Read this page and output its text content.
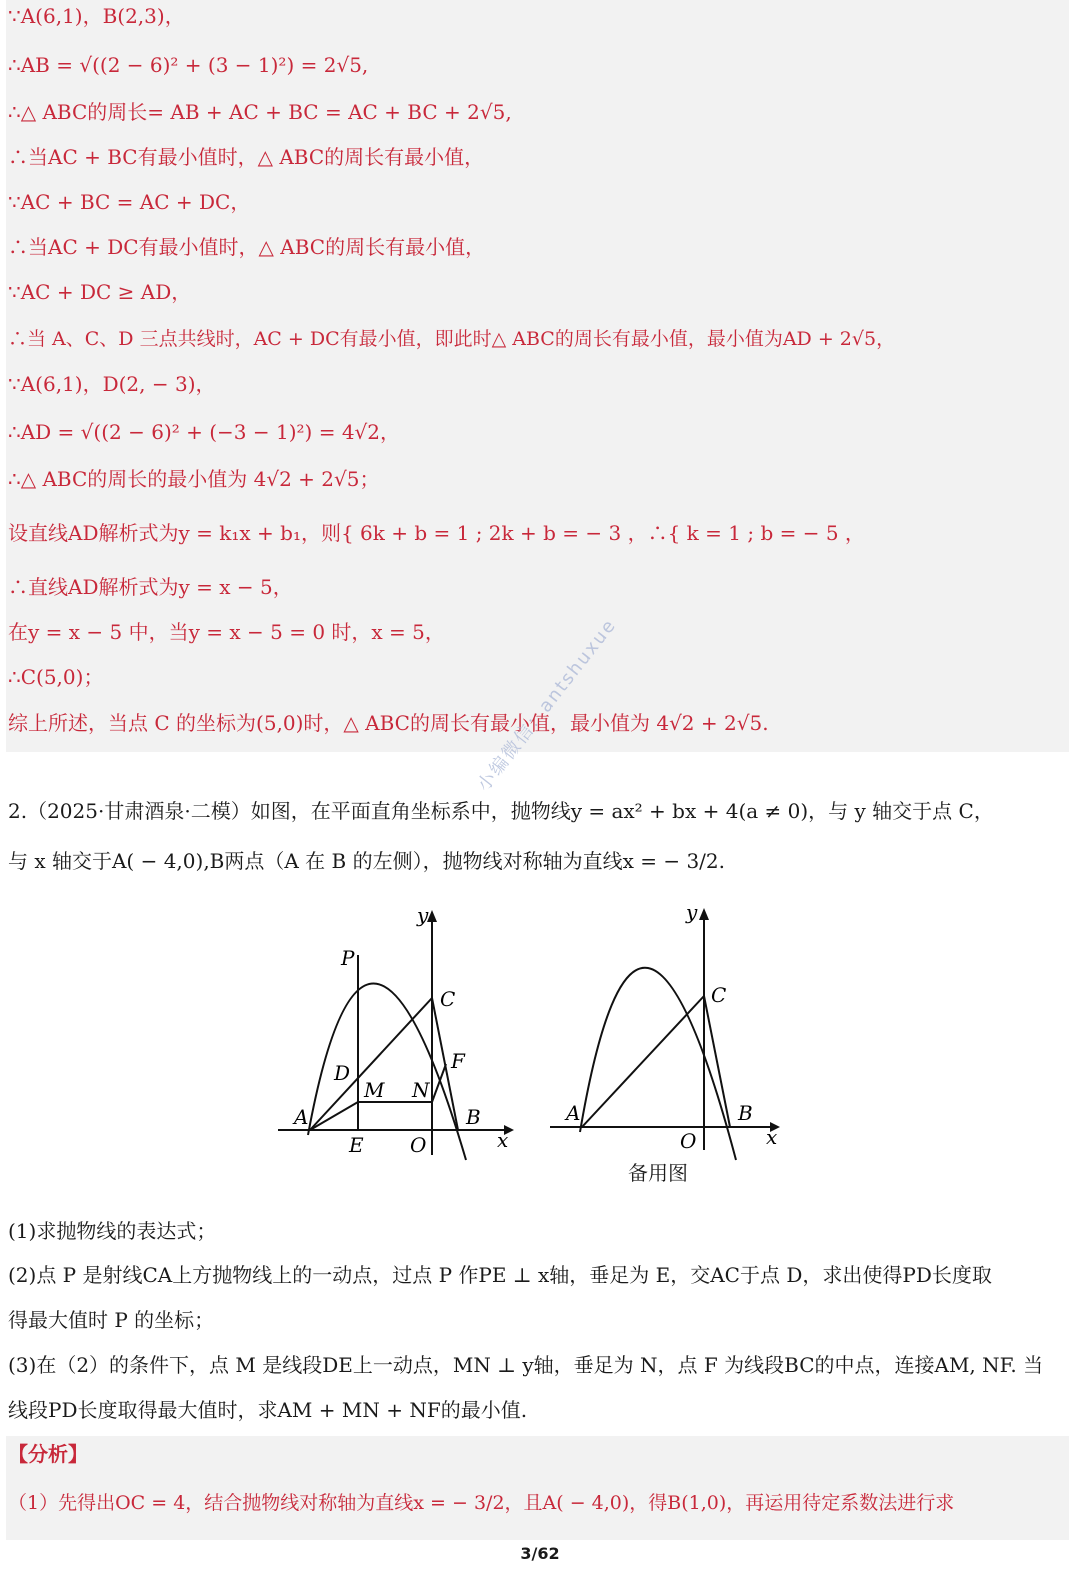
∵A(6,1)，B(2,3)，
∴AB = √((2 − 6)² + (3 − 1)²) = 2√5,
∴△ ABC的周长= AB + AC + BC = AC + BC + 2√5,
∴当AC + BC有最小值时，△ ABC的周长有最小值，
∵AC + BC = AC + DC，
∴当AC + DC有最小值时，△ ABC的周长有最小值，
∵AC + DC ≥ AD，
∴当 A、C、D 三点共线时，AC + DC有最小值，即此时△ ABC的周长有最小值，最小值为AD + 2√5，
∵A(6,1)，D(2, − 3)，
∴AD = √((2 − 6)² + (−3 − 1)²) = 4√2，
∴△ ABC的周长的最小值为 4√2 + 2√5；
设直线AD解析式为y = k₁x + b₁，则{ 6k + b = 1 ; 2k + b = − 3 ，∴{ k = 1 ; b = − 5 ，
∴直线AD解析式为y = x − 5，
在y = x − 5 中，当y = x − 5 = 0 时，x = 5，
∴C(5,0)；
综上所述，当点 C 的坐标为(5,0)时，△ ABC的周长有最小值，最小值为 4√2 + 2√5.
小编微信：antshuxue
2.（2025·甘肃酒泉·二模）如图，在平面直角坐标系中，抛物线y = ax² + bx + 4(a ≠ 0)，与 y 轴交于点 C，
与 x 轴交于A( − 4,0),B两点（A 在 B 的左侧），抛物线对称轴为直线x = − 3/2.
y
P
C
D	F
M N
A	B
E O	x
y
C
A	B
O	x
备用图
(1)求抛物线的表达式；
(2)点 P 是射线CA上方抛物线上的一动点，过点 P 作PE ⊥ x轴，垂足为 E，交AC于点 D，求出使得PD长度取
得最大值时 P 的坐标；
(3)在（2）的条件下，点 M 是线段DE上一动点，MN ⊥ y轴，垂足为 N，点 F 为线段BC的中点，连接AM, NF. 当
线段PD长度取得最大值时，求AM + MN + NF的最小值.
【分析】
（1）先得出OC = 4，结合抛物线对称轴为直线x = − 3/2，且A( − 4,0)，得B(1,0)，再运用待定系数法进行求
3/62
